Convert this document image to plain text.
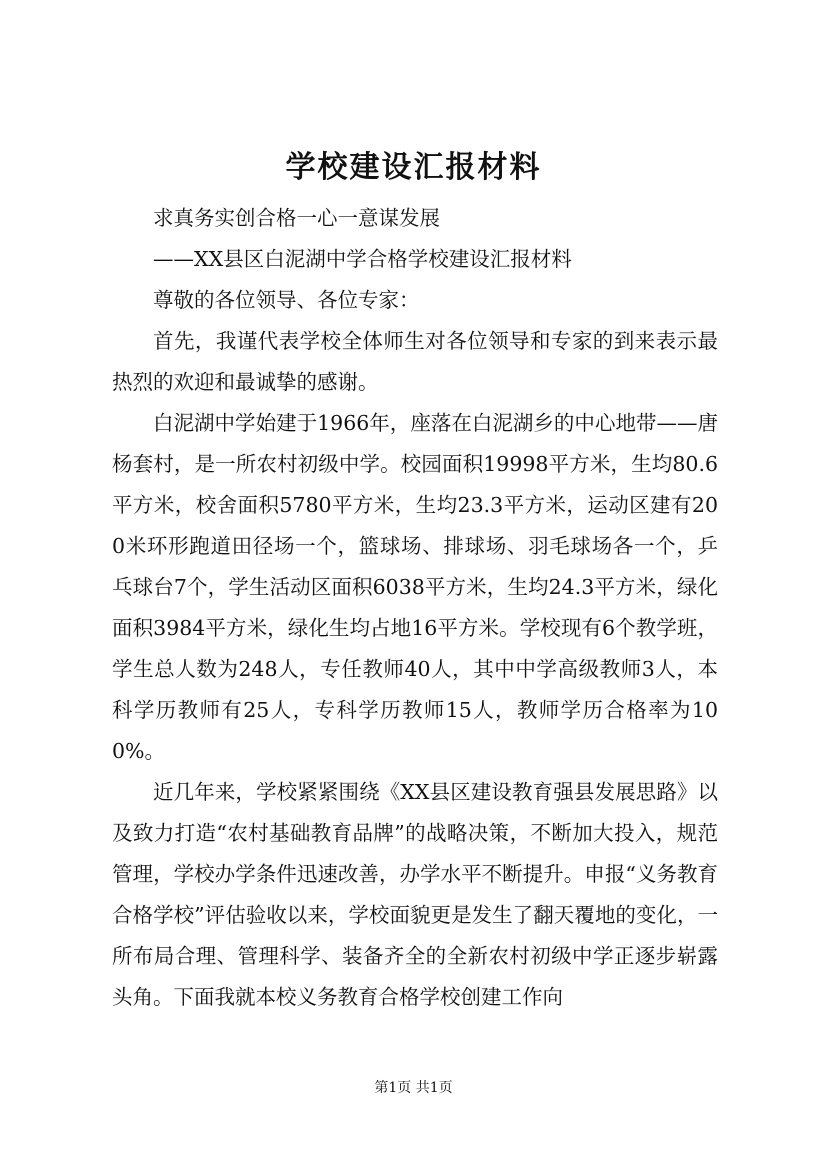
学校建设汇报材料

求真务实创合格一心一意谋发展

——XX县区白泥湖中学合格学校建设汇报材料

尊敬的各位领导、各位专家：

首先，我谨代表学校全体师生对各位领导和专家的到来表示最热烈的欢迎和最诚挚的感谢。

白泥湖中学始建于1966年，座落在白泥湖乡的中心地带——唐杨套村，是一所农村初级中学。校园面积19998平方米，生均80.6平方米，校舍面积5780平方米，生均23.3平方米，运动区建有200米环形跑道田径场一个，篮球场、排球场、羽毛球场各一个，乒乓球台7个，学生活动区面积6038平方米，生均24.3平方米，绿化面积3984平方米，绿化生均占地16平方米。学校现有6个教学班，学生总人数为248人，专任教师40人，其中中学高级教师3人，本科学历教师有25人，专科学历教师15人，教师学历合格率为100%。

近几年来，学校紧紧围绕《XX县区建设教育强县发展思路》以及致力打造“农村基础教育品牌”的战略决策，不断加大投入，规范管理，学校办学条件迅速改善，办学水平不断提升。申报“义务教育合格学校”评估验收以来，学校面貌更是发生了翻天覆地的变化，一所布局合理、管理科学、装备齐全的全新农村初级中学正逐步崭露头角。下面我就本校义务教育合格学校创建工作向

第1页 共1页
